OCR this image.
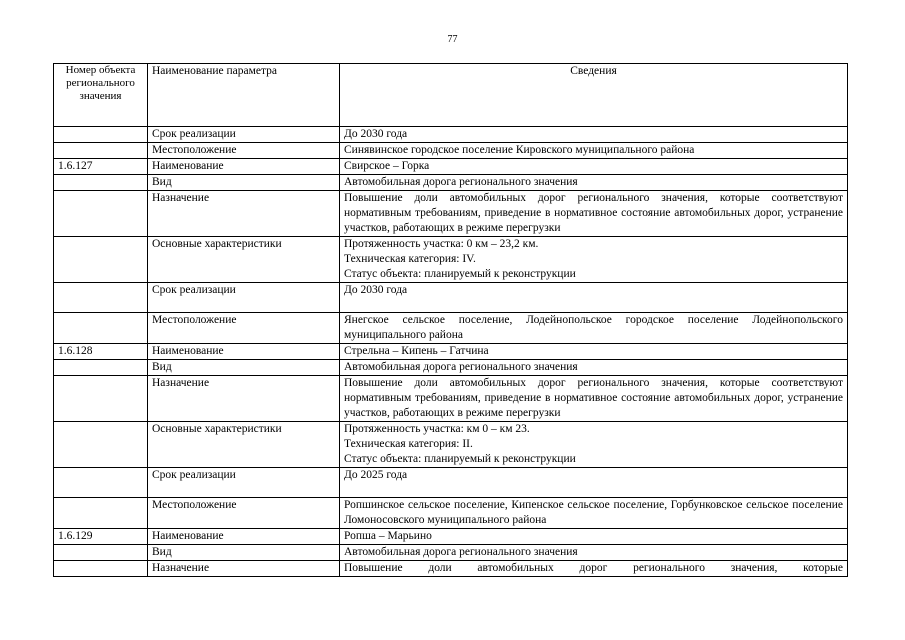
77
Номер объекта регионального значения	Наименование параметра	Сведения
	Срок реализации	До 2030 года
	Местоположение	Синявинское городское поселение Кировского муниципального района
1.6.127	Наименование	Свирское – Горка
	Вид	Автомобильная дорога регионального значения
	Назначение	Повышение доли автомобильных дорог регионального значения, которые соответствуют нормативным требованиям, приведение в нормативное состояние автомобильных дорог, устранение участков, работающих в режиме перегрузки
	Основные характеристики	Протяженность участка: 0 км – 23,2 км.
Техническая категория: IV.
Статус объекта: планируемый к реконструкции

	Срок реализации	До 2030 года
	Местоположение	Янегское сельское поселение, Лодейнопольское городское поселение Лодейнопольского муниципального района
1.6.128	Наименование	Стрельна – Кипень – Гатчина
	Вид	Автомобильная дорога регионального значения
	Назначение	Повышение доли автомобильных дорог регионального значения, которые соответствуют нормативным требованиям, приведение в нормативное состояние автомобильных дорог, устранение участков, работающих в режиме перегрузки
	Основные характеристики	Протяженность участка: км 0 – км 23.
Техническая категория: II.
Статус объекта: планируемый к реконструкции

	Срок реализации	До 2025 года
	Местоположение	Ропшинское сельское поселение, Кипенское сельское поселение, Горбунковское сельское поселение Ломоносовского муниципального района
1.6.129	Наименование	Ропша – Марьино
	Вид	Автомобильная дорога регионального значения
	Назначение	Повышение доли автомобильных дорог регионального значения, которые
